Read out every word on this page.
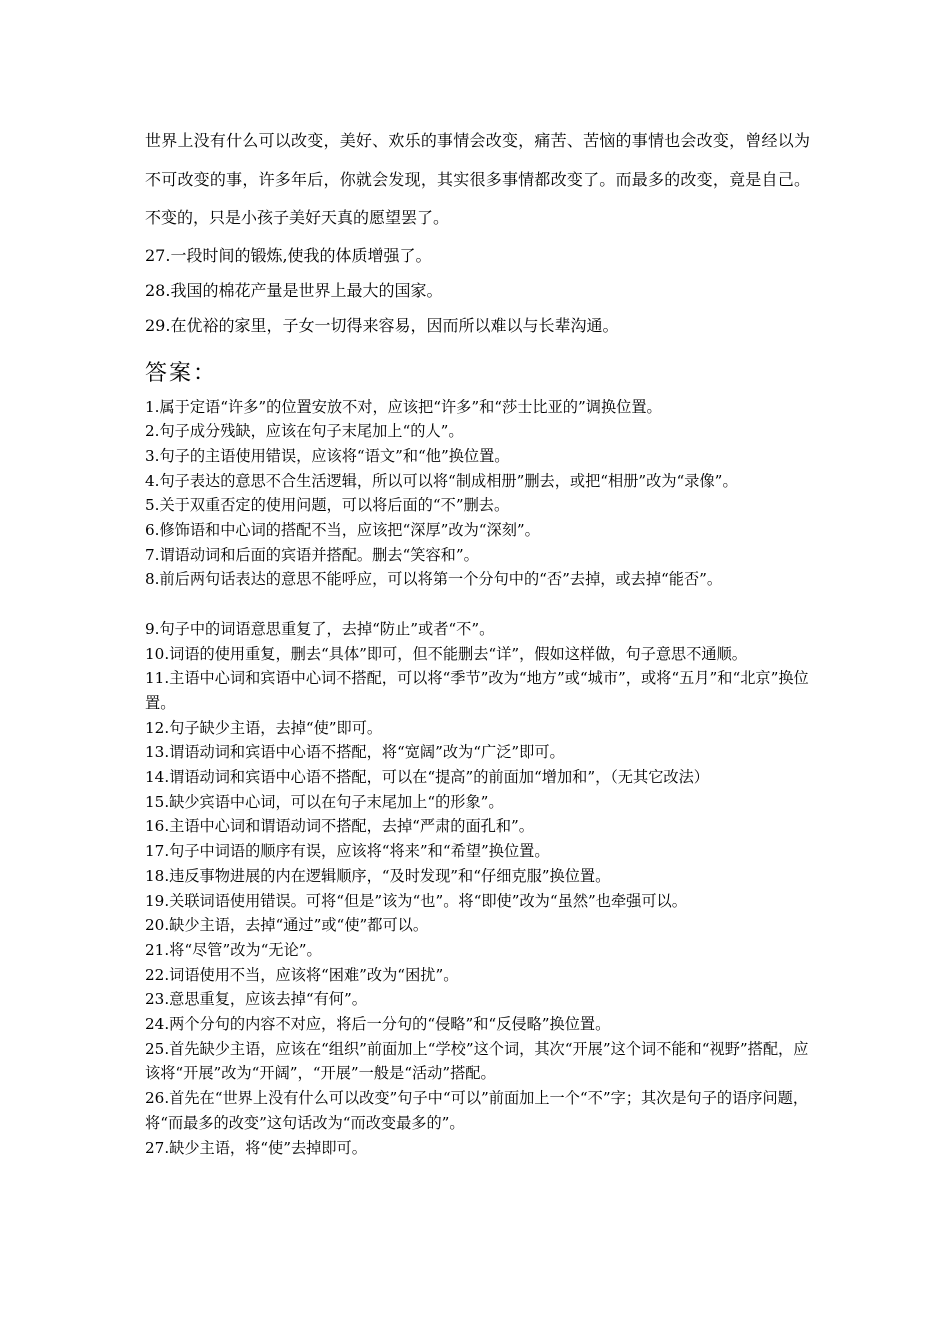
世界上没有什么可以改变，美好、欢乐的事情会改变，痛苦、苦恼的事情也会改变，曾经以为不可改变的事，许多年后，你就会发现，其实很多事情都改变了。而最多的改变，竟是自己。不变的，只是小孩子美好天真的愿望罢了。

27.一段时间的锻炼,使我的体质增强了。

28.我国的棉花产量是世界上最大的国家。

29.在优裕的家里，子女一切得来容易，因而所以难以与长辈沟通。

答案：

1.属于定语“许多”的位置安放不对，应该把“许多”和“莎士比亚的”调换位置。

2.句子成分残缺，应该在句子末尾加上“的人”。

3.句子的主语使用错误，应该将“语文”和“他”换位置。

4.句子表达的意思不合生活逻辑，所以可以将“制成相册”删去，或把“相册”改为“录像”。

5.关于双重否定的使用问题，可以将后面的“不”删去。

6.修饰语和中心词的搭配不当，应该把“深厚”改为“深刻”。

7.谓语动词和后面的宾语并搭配。删去“笑容和”。

8.前后两句话表达的意思不能呼应，可以将第一个分句中的“否”去掉，或去掉“能否”。

9.句子中的词语意思重复了，去掉“防止”或者“不”。

10.词语的使用重复，删去“具体”即可，但不能删去“详”，假如这样做，句子意思不通顺。

11.主语中心词和宾语中心词不搭配，可以将“季节”改为“地方”或“城市”，或将“五月”和“北京”换位置。

12.句子缺少主语，去掉“使”即可。

13.谓语动词和宾语中心语不搭配，将“宽阔”改为“广泛”即可。

14.谓语动词和宾语中心语不搭配，可以在“提高”的前面加“增加和”，（无其它改法）

15.缺少宾语中心词，可以在句子末尾加上“的形象”。

16.主语中心词和谓语动词不搭配，去掉“严肃的面孔和”。

17.句子中词语的顺序有误，应该将“将来”和“希望”换位置。

18.违反事物进展的内在逻辑顺序，“及时发现”和“仔细克服”换位置。

19.关联词语使用错误。可将“但是”该为“也”。将“即使”改为“虽然”也牵强可以。

20.缺少主语，去掉“通过”或“使”都可以。

21.将“尽管”改为“无论”。

22.词语使用不当，应该将“困难”改为“困扰”。

23.意思重复，应该去掉“有何”。

24.两个分句的内容不对应，将后一分句的“侵略”和“反侵略”换位置。

25.首先缺少主语，应该在“组织”前面加上“学校”这个词，其次“开展”这个词不能和“视野”搭配，应该将“开展”改为“开阔”，“开展”一般是“活动”搭配。

26.首先在“世界上没有什么可以改变”句子中“可以”前面加上一个“不”字；其次是句子的语序问题，将“而最多的改变”这句话改为“而改变最多的”。

27.缺少主语，将“使”去掉即可。
